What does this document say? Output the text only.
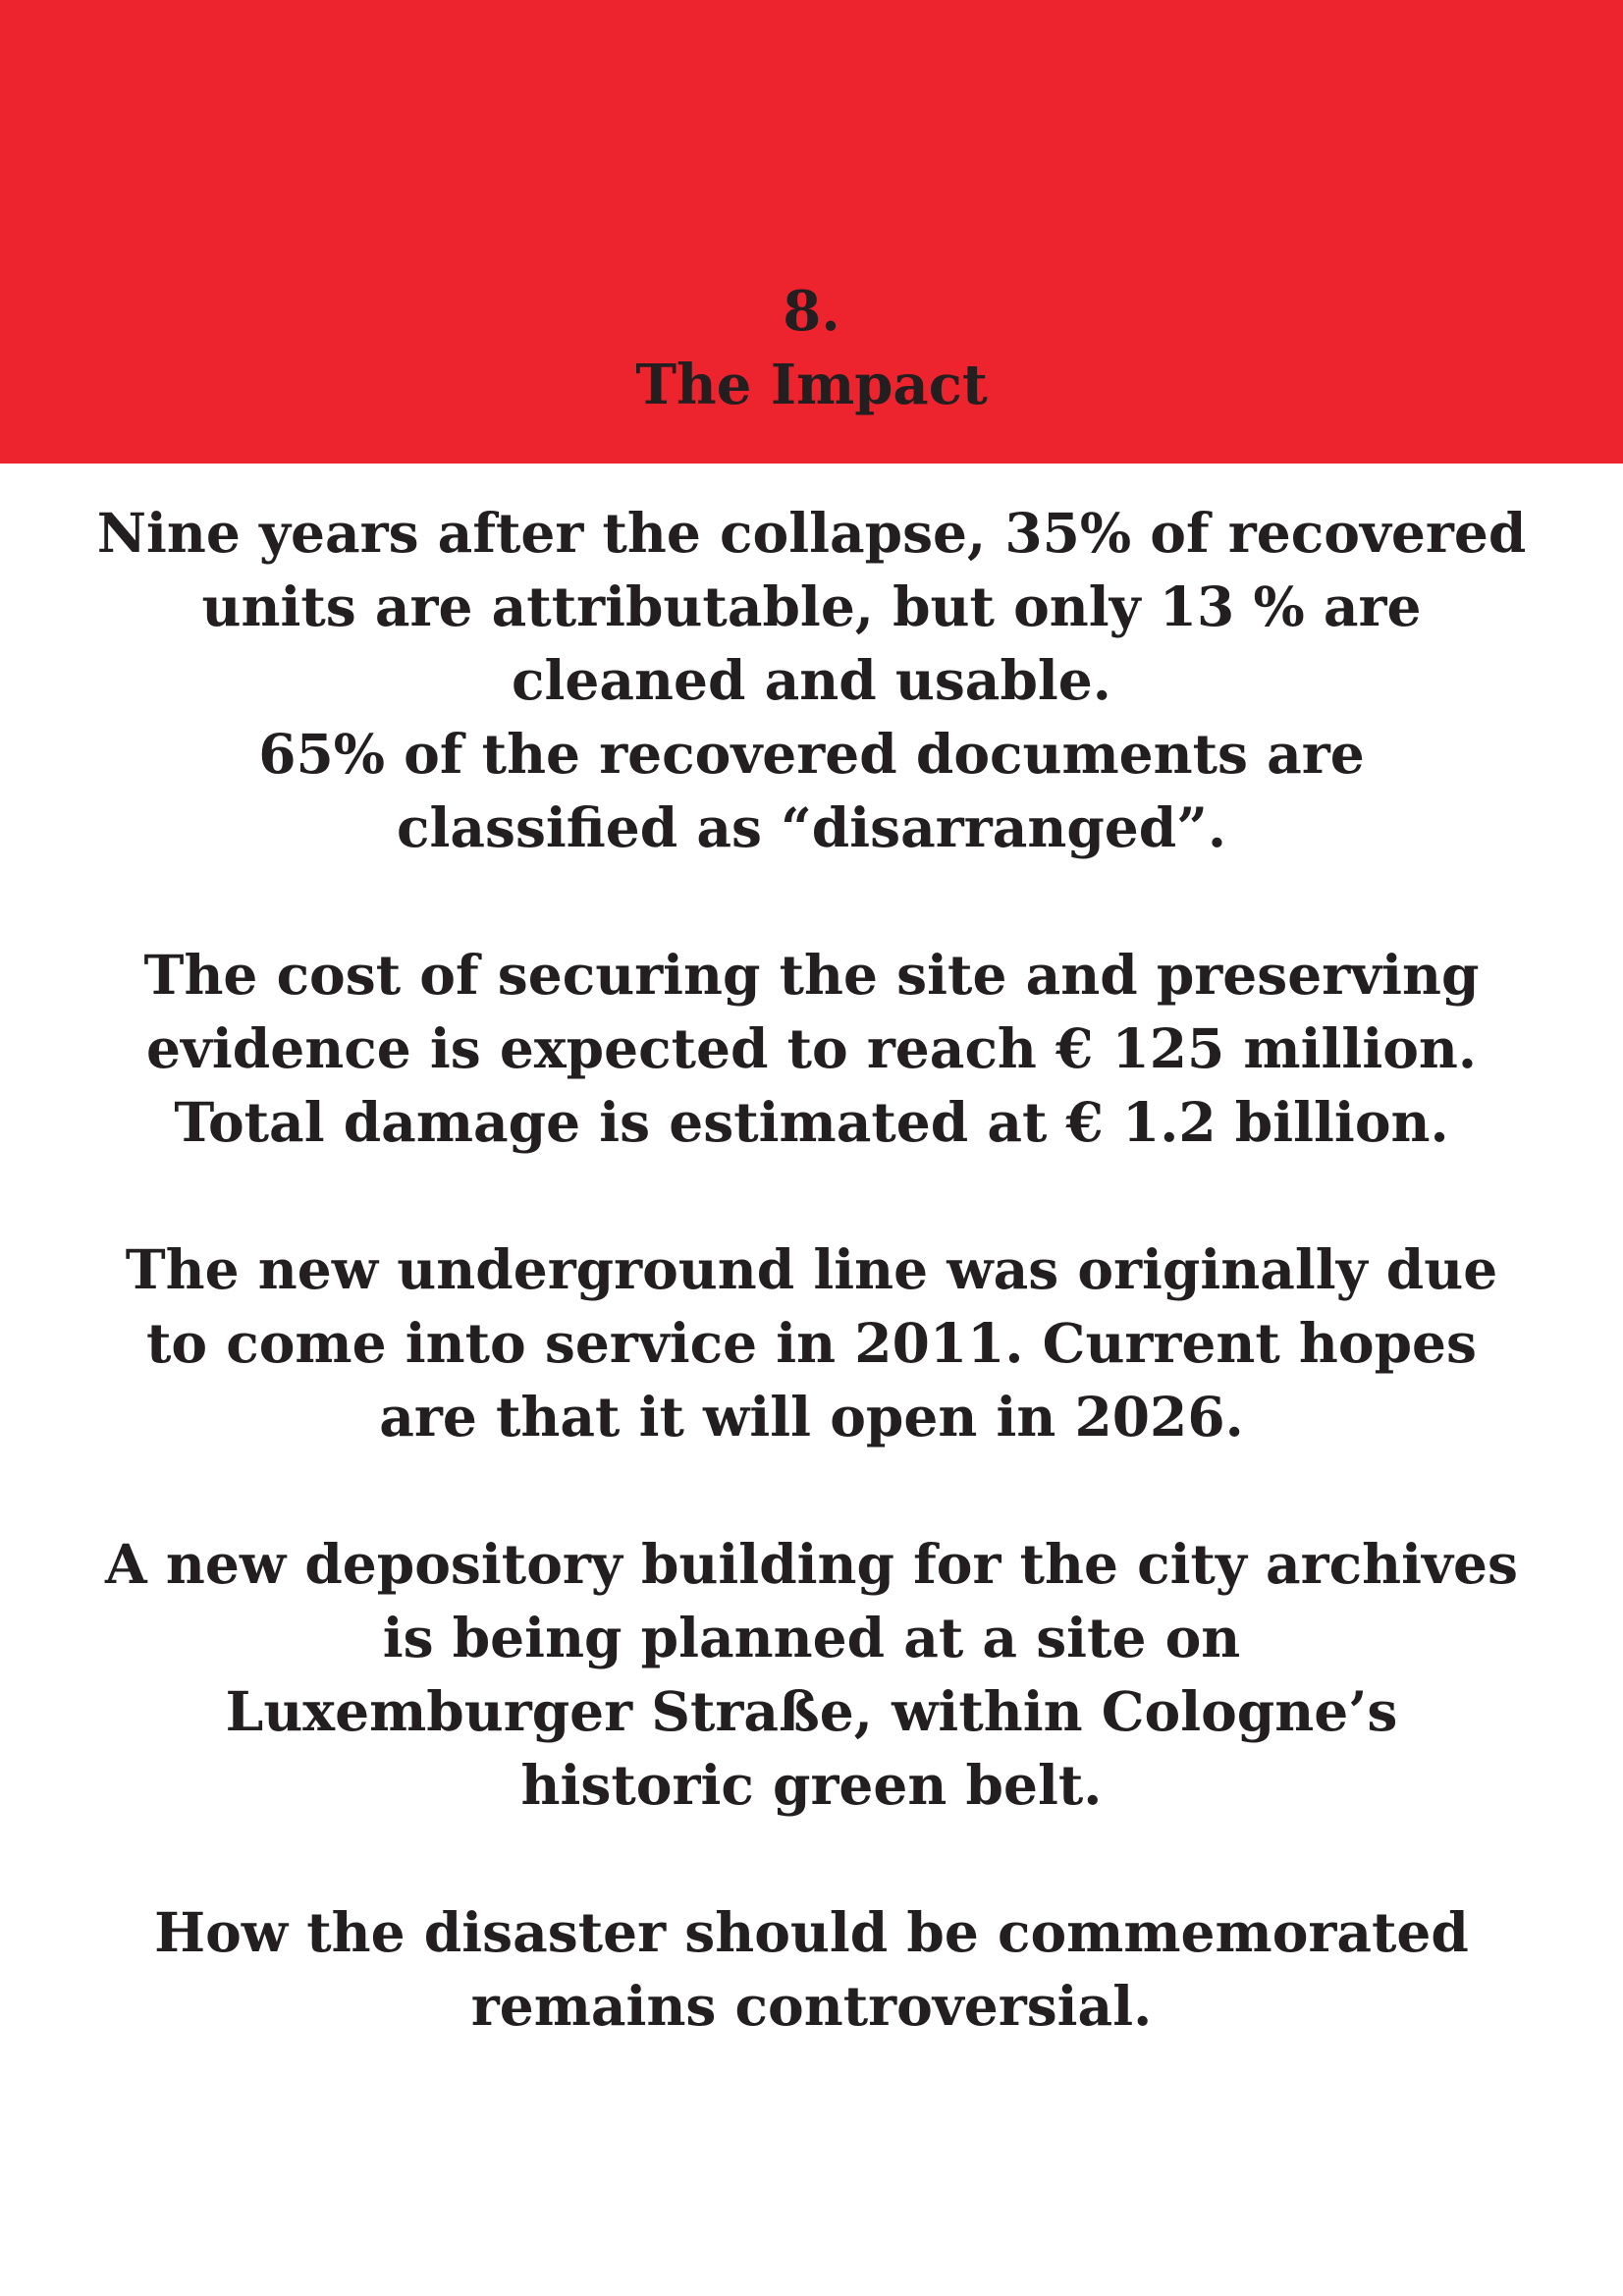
8.
The Impact
Nine years after the collapse, 35% of recovered
units are attributable, but only 13 % are
cleaned and usable.
65% of the recovered documents are
classified as “disarranged”.
The cost of securing the site and preserving
evidence is expected to reach € 125 million.
Total damage is estimated at € 1.2 billion.
The new underground line was originally due
to come into service in 2011. Current hopes
are that it will open in 2026.
A new depository building for the city archives
is being planned at a site on
Luxemburger Straße, within Cologne’s
historic green belt.
How the disaster should be commemorated
remains controversial.
